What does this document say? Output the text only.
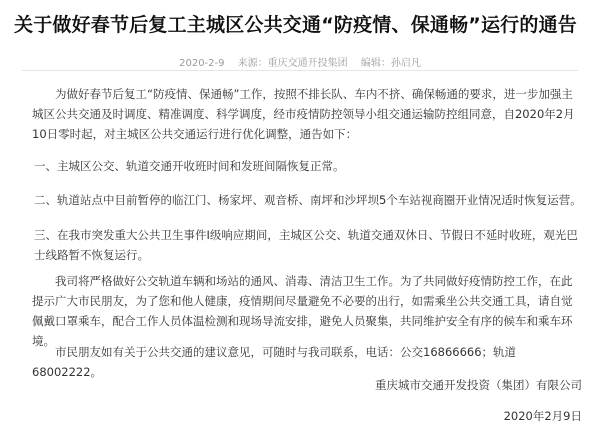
关于做好春节后复工主城区公共交通“防疫情、保通畅”运行的通告
2020-2-9 来源：重庆交通开投集团 编辑：孙启凡

为做好春节后复工“防疫情、保通畅”工作，按照不排长队、车内不挤、确保畅通的要求，进一步加强主城区公共交通及时调度、精准调度、科学调度，经市疫情防控领导小组交通运输防控组同意，自2020年2月10日零时起，对主城区公共交通运行进行优化调整，通告如下：

一、主城区公交、轨道交通开收班时间和发班间隔恢复正常。

二、轨道站点中目前暂停的临江门、杨家坪、观音桥、南坪和沙坪坝5个车站视商圈开业情况适时恢复运营。

三、在我市突发重大公共卫生事件I级响应期间，主城区公交、轨道交通双休日、节假日不延时收班，观光巴士线路暂不恢复运行。

我司将严格做好公交轨道车辆和场站的通风、消毒、清洁卫生工作。为了共同做好疫情防控工作，在此提示广大市民朋友，为了您和他人健康，疫情期间尽量避免不必要的出行，如需乘坐公共交通工具，请自觉佩戴口罩乘车，配合工作人员体温检测和现场导流安排，避免人员聚集，共同维护安全有序的候车和乘车环境。

市民朋友如有关于公共交通的建议意见，可随时与我司联系，电话：公交16866666；轨道68002222。

重庆城市交通开发投资（集团）有限公司
2020年2月9日
